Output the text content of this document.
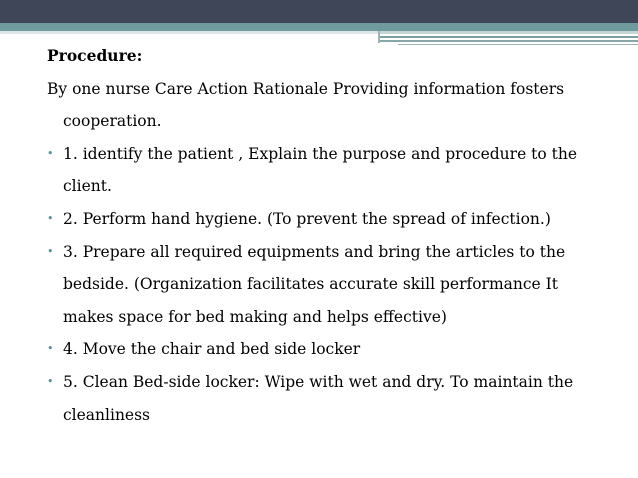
Procedure:

By one nurse Care Action Rationale Providing information fosters cooperation.

• 1. identify the patient , Explain the purpose and procedure to the client.
• 2. Perform hand hygiene. (To prevent the spread of infection.)
• 3. Prepare all required equipments and bring the articles to the bedside. (Organization facilitates accurate skill performance It makes space for bed making and helps effective)
• 4. Move the chair and bed side locker
• 5. Clean Bed-side locker: Wipe with wet and dry. To maintain the cleanliness
